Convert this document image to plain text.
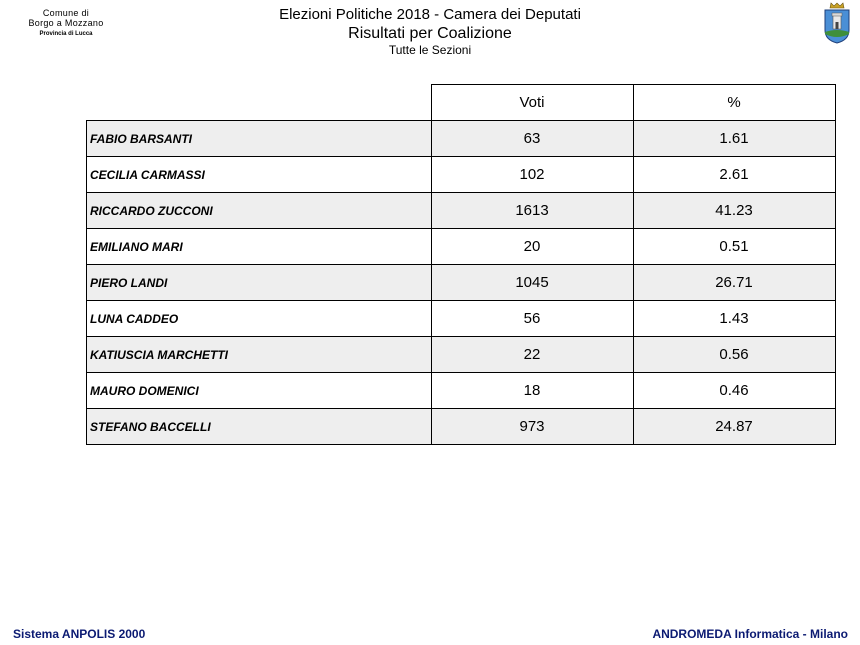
Comune di
Borgo a Mozzano
Provincia di Lucca
Elezioni Politiche 2018 - Camera dei Deputati
Risultati per Coalizione
Tutte le Sezioni
	Voti	%
FABIO BARSANTI	63	1.61
CECILIA CARMASSI	102	2.61
RICCARDO ZUCCONI	1613	41.23
EMILIANO MARI	20	0.51
PIERO LANDI	1045	26.71
LUNA CADDEO	56	1.43
KATIUSCIA MARCHETTI	22	0.56
MAURO DOMENICI	18	0.46
STEFANO BACCELLI	973	24.87
Sistema ANPOLIS 2000	ANDROMEDA Informatica - Milano
